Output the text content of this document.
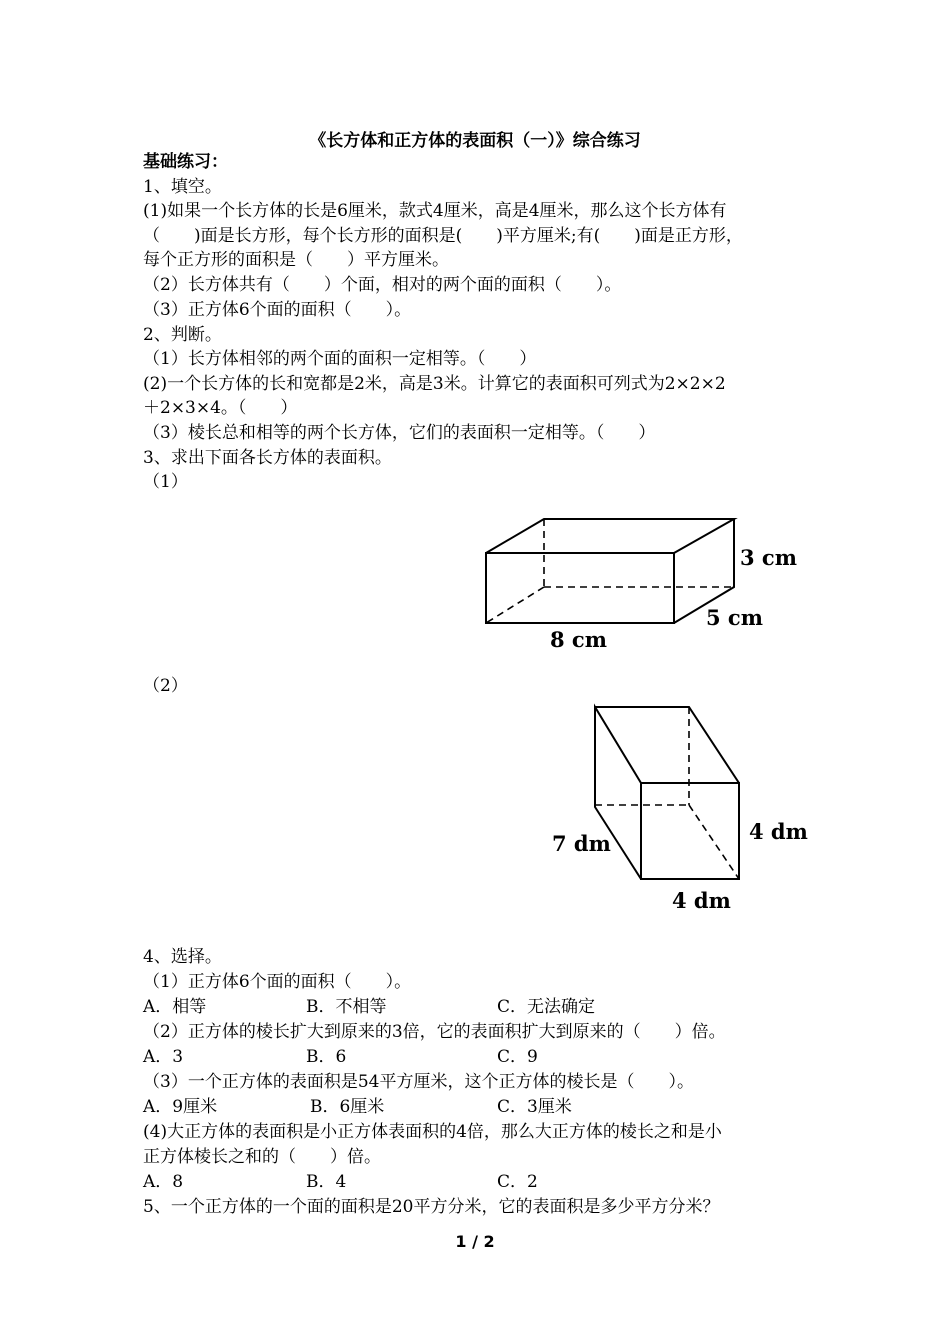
《长方体和正方体的表面积（一）》综合练习
基础练习：
1、填空。
(1)如果一个长方体的长是6厘米，款式4厘米，高是4厘米，那么这个长方体有
（　　)面是长方形，每个长方形的面积是(　　)平方厘米;有(　　)面是正方形，
每个正方形的面积是（　　）平方厘米。
（2）长方体共有（　　）个面，相对的两个面的面积（　　）。
（3）正方体6个面的面积（　　）。
2、判断。
（1）长方体相邻的两个面的面积一定相等。（　　）
(2)一个长方体的长和宽都是2米，高是3米。计算它的表面积可列式为2×2×2
＋2×3×4。（　　）
（3）棱长总和相等的两个长方体，它们的表面积一定相等。（　　）
3、求出下面各长方体的表面积。
（1）
3 cm
5 cm
8 cm
（2）
7 dm	4 dm
4 dm
4、选择。
（1）正方体6个面的面积（　　）。
A．相等	B．不相等	C．无法确定
（2）正方体的棱长扩大到原来的3倍，它的表面积扩大到原来的（　　）倍。
A．3	B．6	C．9
（3）一个正方体的表面积是54平方厘米，这个正方体的棱长是（　　）。
A．9厘米	B．6厘米	C．3厘米
(4)大正方体的表面积是小正方体表面积的4倍，那么大正方体的棱长之和是小
正方体棱长之和的（　　）倍。
A．8	B．4	C．2
5、一个正方体的一个面的面积是20平方分米，它的表面积是多少平方分米？
1 / 2
